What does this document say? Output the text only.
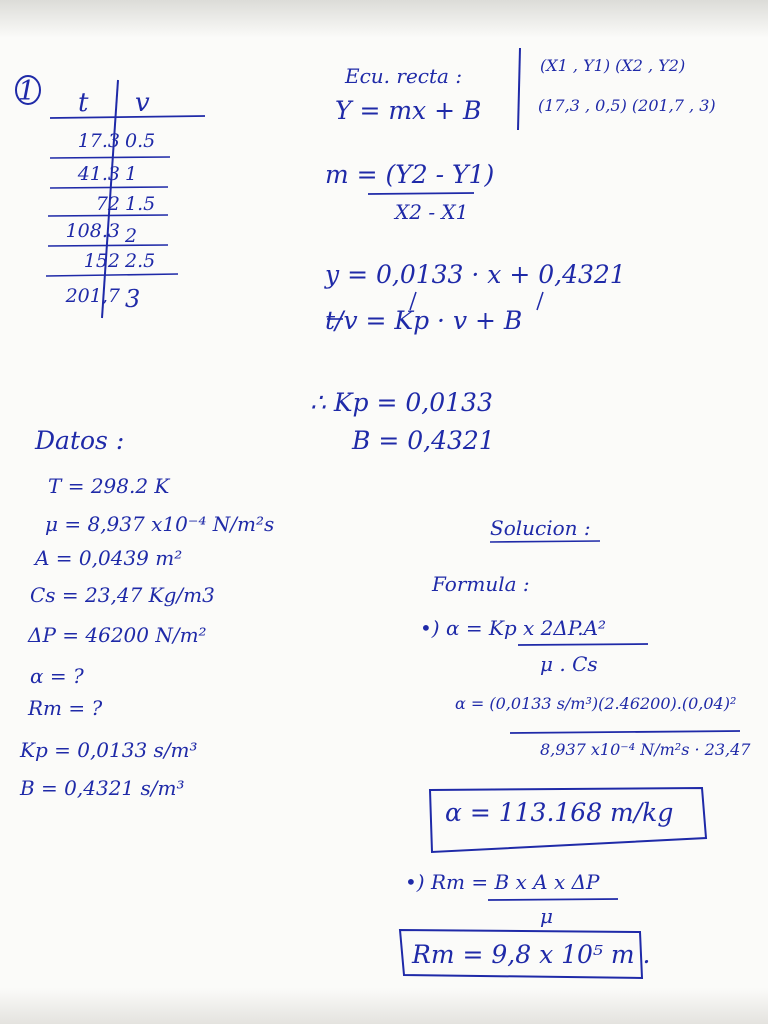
1 t v
17.3 0.5
41.3 1
72 1.5
108.3 2
152 2.5
201,7 3
Ecu. recta :
Y = mx + B
(X1 , Y1) (X2 , Y2)
(17,3 , 0,5) (201,7 , 3)
m = (Y2 - Y1)
X2 - X1
y = 0,0133 · x + 0,4321
t/v = Kp · v + B
∴ Kp = 0,0133
B = 0,4321
Datos :
T = 298.2 K
μ = 8,937 x10⁻⁴ N/m²s
A = 0,0439 m²
Cs = 23,47 Kg/m3
ΔP = 46200 N/m²
α = ?
Rm = ?
Kp = 0,0133 s/m³
B = 0,4321 s/m³
Solucion :
Formula :
•) α = Kp x 2ΔP.A²
μ . Cs
α = (0,0133 s/m³)(2.46200).(0,04)²
8,937 x10⁻⁴ N/m²s · 23,47
α = 113.168 m/kg
•) Rm = B x A x ΔP
μ
Rm = 9,8 x 10⁵ m .
